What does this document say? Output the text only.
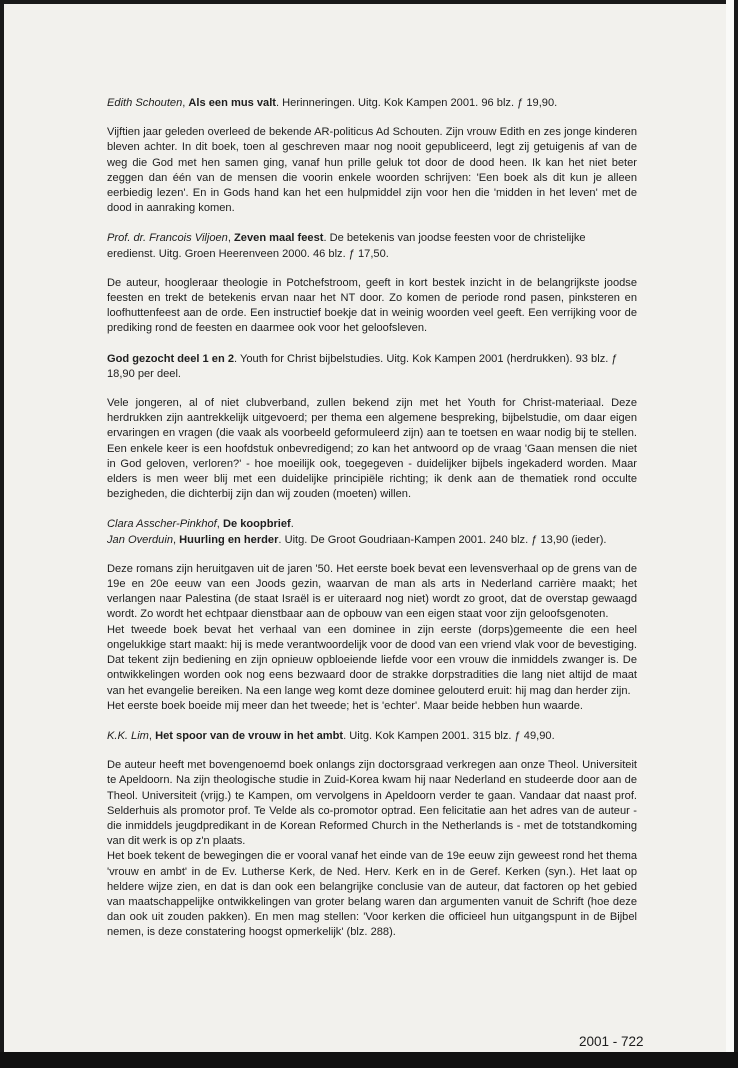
Edith Schouten, Als een mus valt. Herinneringen. Uitg. Kok Kampen 2001. 96 blz. ƒ 19,90.

Vijftien jaar geleden overleed de bekende AR-politicus Ad Schouten. Zijn vrouw Edith en zes jonge kinderen bleven achter. In dit boek, toen al geschreven maar nog nooit gepubliceerd, legt zij getuigenis af van de weg die God met hen samen ging, vanaf hun prille geluk tot door de dood heen. Ik kan het niet beter zeggen dan één van de mensen die voorin enkele woorden schrijven: 'Een boek als dit kun je alleen eerbiedig lezen'. En in Gods hand kan het een hulpmiddel zijn voor hen die 'midden in het leven' met de dood in aanraking komen.

Prof. dr. Francois Viljoen, Zeven maal feest. De betekenis van joodse feesten voor de christelijke eredienst. Uitg. Groen Heerenveen 2000. 46 blz. ƒ 17,50.

De auteur, hoogleraar theologie in Potchefstroom, geeft in kort bestek inzicht in de belangrijkste joodse feesten en trekt de betekenis ervan naar het NT door. Zo komen de periode rond pasen, pinksteren en loofhuttenfeest aan de orde. Een instructief boekje dat in weinig woorden veel geeft. Een verrijking voor de prediking rond de feesten en daarmee ook voor het geloofsleven.

God gezocht deel 1 en 2. Youth for Christ bijbelstudies. Uitg. Kok Kampen 2001 (herdrukken). 93 blz. ƒ 18,90 per deel.

Vele jongeren, al of niet clubverband, zullen bekend zijn met het Youth for Christ-materiaal. Deze herdrukken zijn aantrekkelijk uitgevoerd; per thema een algemene bespreking, bijbelstudie, om daar eigen ervaringen en vragen (die vaak als voorbeeld geformuleerd zijn) aan te toetsen en waar nodig bij te stellen. Een enkele keer is een hoofdstuk onbevredigend; zo kan het antwoord op de vraag 'Gaan mensen die niet in God geloven, verloren?' - hoe moeilijk ook, toegegeven - duidelijker bijbels ingekaderd worden. Maar elders is men weer blij met een duidelijke principiële richting; ik denk aan de thematiek rond occulte bezigheden, die dichterbij zijn dan wij zouden (moeten) willen.

Clara Asscher-Pinkhof, De koopbrief.
Jan Overduin, Huurling en herder. Uitg. De Groot Goudriaan-Kampen 2001. 240 blz. ƒ 13,90 (ieder).

Deze romans zijn heruitgaven uit de jaren '50. Het eerste boek bevat een levensverhaal op de grens van de 19e en 20e eeuw van een Joods gezin, waarvan de man als arts in Nederland carrière maakt; het verlangen naar Palestina (de staat Israël is er uiteraard nog niet) wordt zo groot, dat de overstap gewaagd wordt. Zo wordt het echtpaar dienstbaar aan de opbouw van een eigen staat voor zijn geloofsgenoten.

Het tweede boek bevat het verhaal van een dominee in zijn eerste (dorps)gemeente die een heel ongelukkige start maakt: hij is mede verantwoordelijk voor de dood van een vriend vlak voor de bevestiging. Dat tekent zijn bediening en zijn opnieuw opbloeiende liefde voor een vrouw die inmiddels zwanger is. De ontwikkelingen worden ook nog eens bezwaard door de strakke dorpstradities die lang niet altijd de maat van het evangelie bereiken. Na een lange weg komt deze dominee gelouterd eruit: hij mag dan herder zijn.

Het eerste boek boeide mij meer dan het tweede; het is 'echter'. Maar beide hebben hun waarde.

K.K. Lim, Het spoor van de vrouw in het ambt. Uitg. Kok Kampen 2001. 315 blz. ƒ 49,90.

De auteur heeft met bovengenoemd boek onlangs zijn doctorsgraad verkregen aan onze Theol. Universiteit te Apeldoorn. Na zijn theologische studie in Zuid-Korea kwam hij naar Nederland en studeerde door aan de Theol. Universiteit (vrijg.) te Kampen, om vervolgens in Apeldoorn verder te gaan. Vandaar dat naast prof. Selderhuis als promotor prof. Te Velde als co-promotor optrad. Een felicitatie aan het adres van de auteur - die inmiddels jeugdpredikant in de Korean Reformed Church in the Netherlands is - met de totstandkoming van dit werk is op z'n plaats.

Het boek tekent de bewegingen die er vooral vanaf het einde van de 19e eeuw zijn geweest rond het thema 'vrouw en ambt' in de Ev. Lutherse Kerk, de Ned. Herv. Kerk en in de Geref. Kerken (syn.). Het laat op heldere wijze zien, en dat is dan ook een belangrijke conclusie van de auteur, dat factoren op het gebied van maatschappelijke ontwikkelingen van groter belang waren dan argumenten vanuit de Schrift (hoe deze dan ook uit zouden pakken). En men mag stellen: 'Voor kerken die officieel hun uitgangspunt in de Bijbel nemen, is deze constatering hoogst opmerkelijk' (blz. 288).

2001 - 722
